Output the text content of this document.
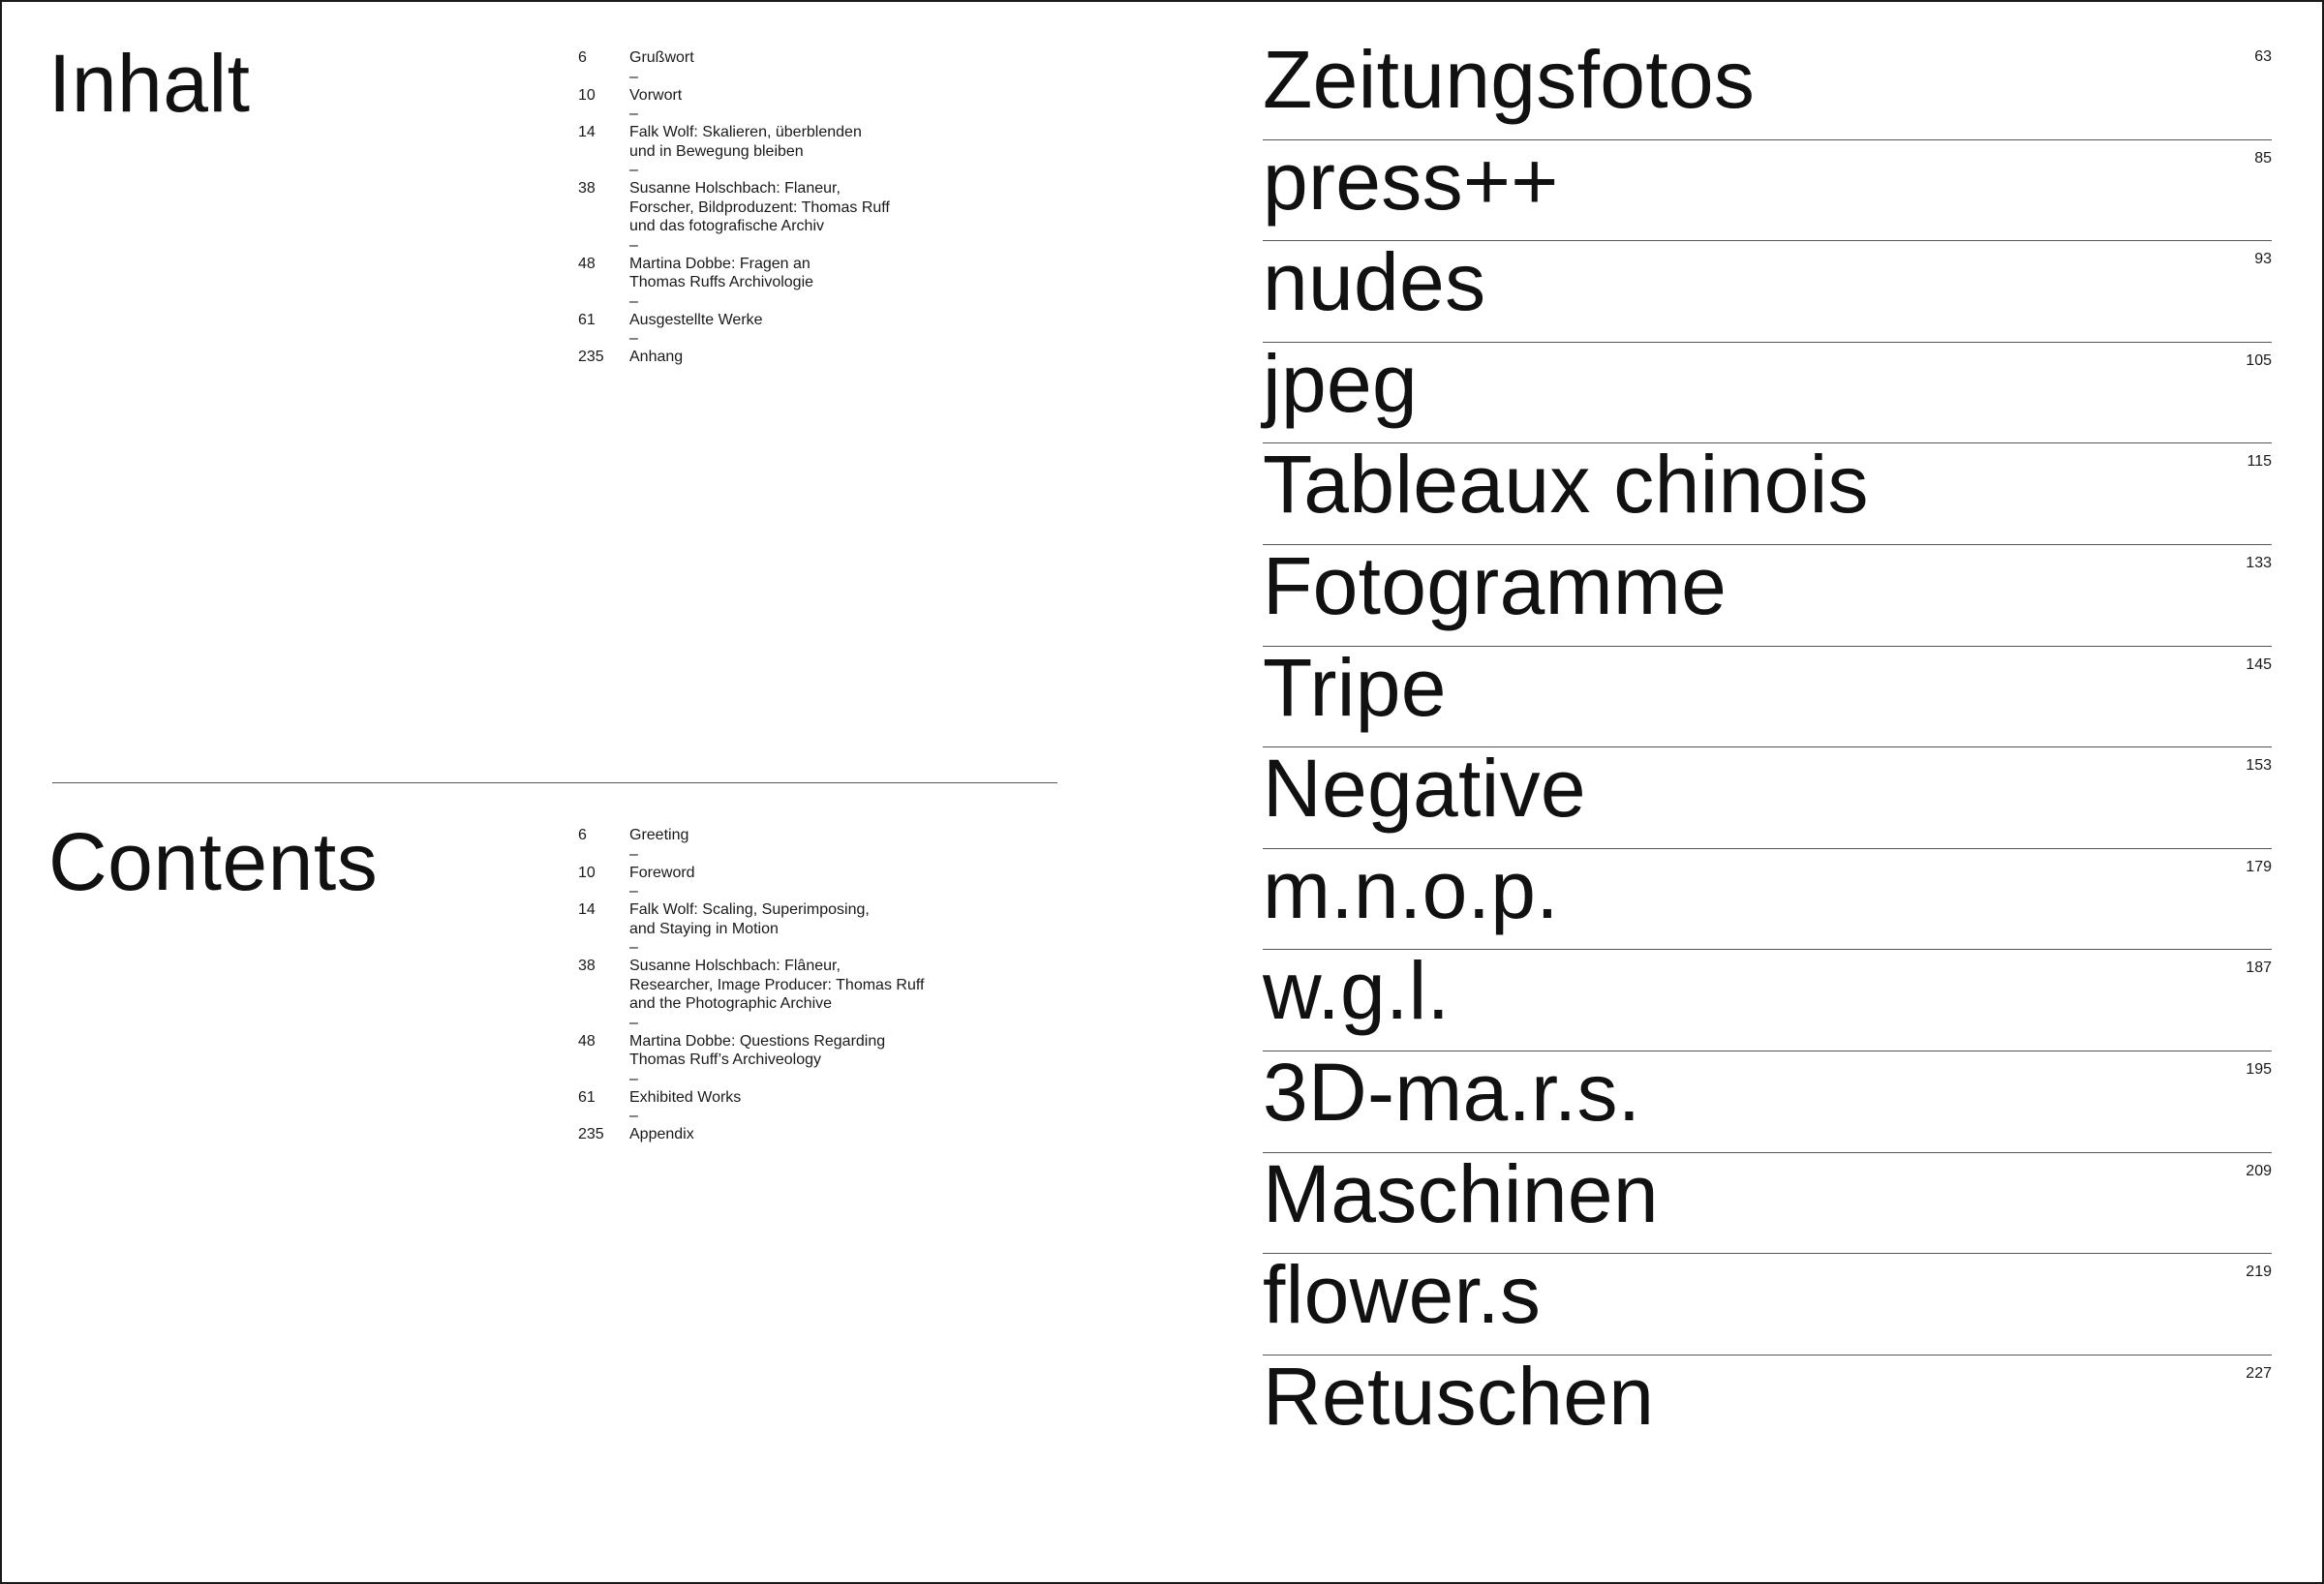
Inhalt	6	Grußwort
–
10 Vorwort
–
14 Falk Wolf: Skalieren, überblenden
und in Bewegung bleiben
–
38 Susanne Holschbach: Flaneur,
Forscher, Bildproduzent: Thomas Ruff
und das fotografische Archiv
–
48 Martina Dobbe: Fragen an
Thomas Ruffs Archivologie
–
61 Ausgestellte Werke
–
235 Anhang
Contents	6	Greeting
–
10 Foreword
–
14 Falk Wolf: Scaling, Superimposing,
and Staying in Motion
–
38 Susanne Holschbach: Flâneur,
Researcher, Image Producer: Thomas Ruff
and the Photographic Archive
–
48 Martina Dobbe: Questions Regarding
Thomas Ruff’s Archiveology
–
61 Exhibited Works
–
235 Appendix
Zeitungsfotos	63
press++	85
nudes	93
jpeg	105
Tableaux chinois	115
Fotogramme	133
Tripe	145
Negative	153
m.n.o.p.	179
w.g.l.	187
3D-ma.r.s.	195
Maschinen	209
flower.s	219
Retuschen	227
